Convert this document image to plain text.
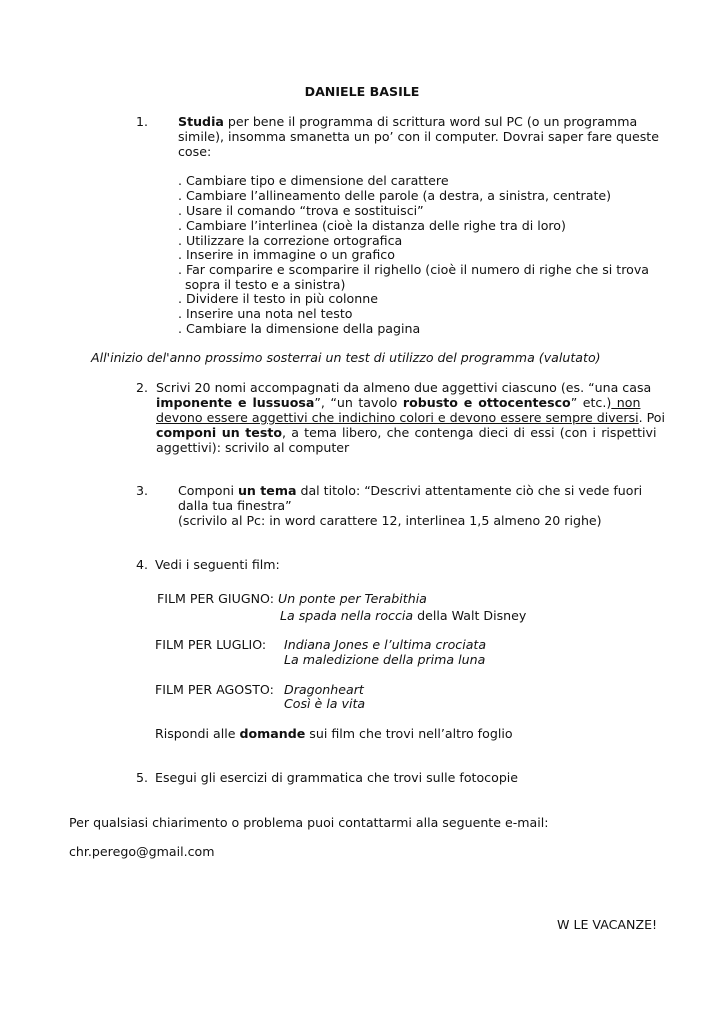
DANIELE BASILE
1. Studia per bene il programma di scrittura word sul PC (o un programma
simile), insomma smanetta un po’ con il computer. Dovrai saper fare queste
cose:
. Cambiare tipo e dimensione del carattere
. Cambiare l’allineamento delle parole (a destra, a sinistra, centrate)
. Usare il comando “trova e sostituisci”
. Cambiare l’interlinea (cioè la distanza delle righe tra di loro)
. Utilizzare la correzione ortografica
. Inserire in immagine o un grafico
. Far comparire e scomparire il righello (cioè il numero di righe che si trova
sopra il testo e a sinistra)
. Dividere il testo in più colonne
. Inserire una nota nel testo
. Cambiare la dimensione della pagina
All'inizio del'anno prossimo sosterrai un test di utilizzo del programma (valutato)
2. Scrivi 20 nomi accompagnati da almeno due aggettivi ciascuno (es. “una casa
imponente e lussuosa”, “un tavolo robusto e ottocentesco” etc.) non
devono essere aggettivi che indichino colori e devono essere sempre diversi. Poi
componi un testo, a tema libero, che contenga dieci di essi (con i rispettivi
aggettivi): scrivilo al computer
3. Componi un tema dal titolo: “Descrivi attentamente ciò che si vede fuori
dalla tua finestra”
(scrivilo al Pc: in word carattere 12, interlinea 1,5 almeno 20 righe)
4. Vedi i seguenti film:
FILM PER GIUGNO: Un ponte per Terabithia
La spada nella roccia della Walt Disney
FILM PER LUGLIO: Indiana Jones e l’ultima crociata
La maledizione della prima luna
FILM PER AGOSTO: Dragonheart
Così è la vita
Rispondi alle domande sui film che trovi nell’altro foglio
5. Esegui gli esercizi di grammatica che trovi sulle fotocopie
Per qualsiasi chiarimento o problema puoi contattarmi alla seguente e-mail:
chr.perego@gmail.com
W LE VACANZE!
